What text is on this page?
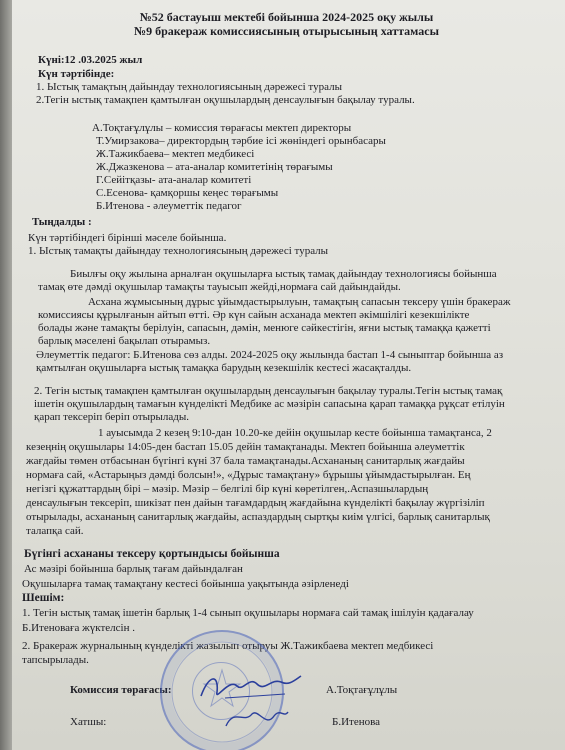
№52 бастауыш мектебі бойынша 2024-2025 оқу жылы
№9 бракераж комиссиясының отырысының хаттамасы
Күні:12 .03.2025 жыл
Күн тәртібінде:
1. Ыстық тамақтың дайындау технологиясының дәрежесі туралы
2.Тегін ыстық тамақпен қамтылған оқушылардың денсаулығын бақылау туралы.
А.Тоқтағұлұлы – комиссия төрағасы мектеп директоры
Т.Умирзакова– директордың тәрбие ісі жөніндегі орынбасары
Ж.Тажикбаева– мектеп медбикесі
Ж.Джазкенова – ата-аналар комитетінің төрағымы
Г.Сейітқазы- ата-аналар комитеті
С.Есенова- қамқоршы кеңес төрағымы
Б.Итенова - әлеуметтік педагог
Тыңдалды :
Күн тәртібіндегі бірінші мәселе бойынша.
1. Ыстық тамақты дайындау технологиясының дәрежесі туралы
Биылғы оқу жылына арналған оқушыларға ыстық тамақ дайындау технологиясы бойынша
тамақ өте дәмді оқушылар тамақты тауысып жейді,нормаға сай дайындайды.
Асхана жұмысының дұрыс ұйымдастырылуын, тамақтың сапасын тексеру үшін бракераж
комиссиясы құрылғанын айтып өтті. Әр күн сайын асханада мектеп әкімшілігі кезекшілікте
болады және тамақты берілуін, сапасын, дәмін, менюге сәйкестігін, яғни ыстық тамаққа қажетті
барлық мәселені бақылап отырамыз.
Әлеуметтік педагог: Б.Итенова сөз алды. 2024-2025 оқу жылында бастап 1-4 сыныптар бойынша аз
қамтылған оқушыларға ыстық тамақка барудың кезекшілік кестесі жасақталды.
2. Тегін ыстық тамақпен қамтылған оқушылардың денсаулығын бақылау туралы.Тегін ыстық тамақ
ішетін оқушылардың тамағын күнделікті Медбике ас мәзірін сапасына қарап тамаққа рұқсат етілуін
қарап тексеріп беріп отырылады.
1 ауысымда 2 кезең 9:10-дан 10.20-ке дейін оқушылар кесте бойынша тамақтанса, 2
кезеңнің оқушылары 14:05-ден бастап 15.05 дейін тамақтанады. Мектеп бойынша әлеуметтік
жағдайы төмен отбасынан бүгінгі күні 37 бала тамақтанады.Асхананың санитарлық жағдайы
нормаға сай, «Астарыңыз дәмді болсын!», «Дұрыс тамақтану» бұрышы ұйымдастырылған. Ең
негізгі құжаттардың бірі – мәзір. Мәзір – белгілі бір күні көретілген,.Аспазшылардың
денсаулығын тексеріп, шикізат пен дайын тағамдардың жағдайына күнделікті бақылау жүргізіліп
отырылады, асхананың санитарлық жағдайы, аспаздардың сыртқы киім үлгісі, барлық санитарлық
талапқа сай.
Бүгінгі асхананы тексеру қортындысы бойынша
Ас мәзірі бойынша барлық тағам дайындалған
Оқушыларға тамақ тамақтану кестесі бойынша уақытында әзірленеді
Шешім:
1. Тегін ыстық тамақ ішетін барлық 1-4 сынып оқушылары нормаға сай тамақ ішілуін қадағалау
Б.Итеноваға жүктелсін .
2. Бракераж журналының күнделікті жазылып отыруы Ж.Тажикбаева мектеп медбикесі
тапсырылады.
Комиссия төрағасы:	А.Тоқтағұлұлы
Хатшы:	Б.Итенова
